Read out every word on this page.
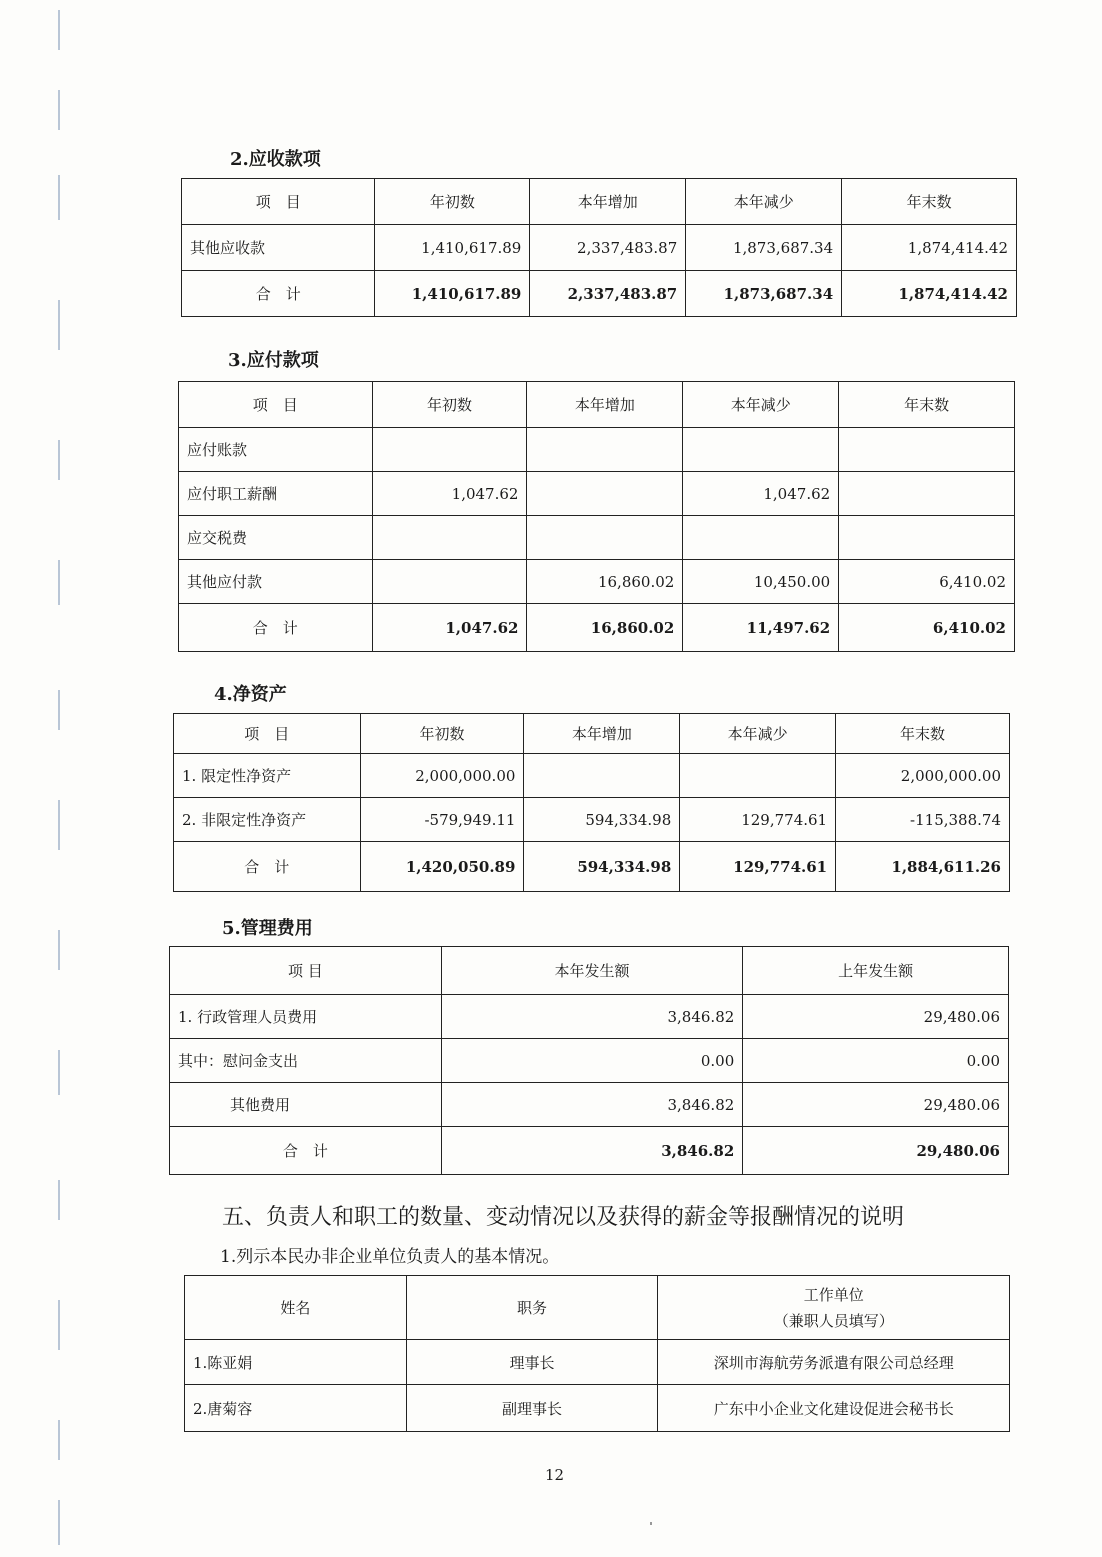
2.应收款项
项　目	年初数	本年增加	本年减少	年末数
其他应收款	1,410,617.89	2,337,483.87	1,873,687.34	1,874,414.42
合　计	1,410,617.89	2,337,483.87	1,873,687.34	1,874,414.42
3.应付款项
项　目	年初数	本年增加	本年减少	年末数
应付账款				
应付职工薪酬	1,047.62		1,047.62	
应交税费				
其他应付款		16,860.02	10,450.00	6,410.02
合　计	1,047.62	16,860.02	11,497.62	6,410.02
4.净资产
项　目	年初数	本年增加	本年减少	年末数
1. 限定性净资产	2,000,000.00			2,000,000.00
2. 非限定性净资产	-579,949.11	594,334.98	129,774.61	-115,388.74
合　计	1,420,050.89	594,334.98	129,774.61	1,884,611.26
5.管理费用
项 目	本年发生额	上年发生额
1. 行政管理人员费用	3,846.82	29,480.06
其中：慰问金支出	0.00	0.00
其他费用	3,846.82	29,480.06
合　计	3,846.82	29,480.06
五、负责人和职工的数量、变动情况以及获得的薪金等报酬情况的说明
1.列示本民办非企业单位负责人的基本情况。
姓名	职务	工作单位
（兼职人员填写）

1.陈亚娟	理事长	深圳市海航劳务派遣有限公司总经理
2.唐菊容	副理事长	广东中小企业文化建设促进会秘书长
12
